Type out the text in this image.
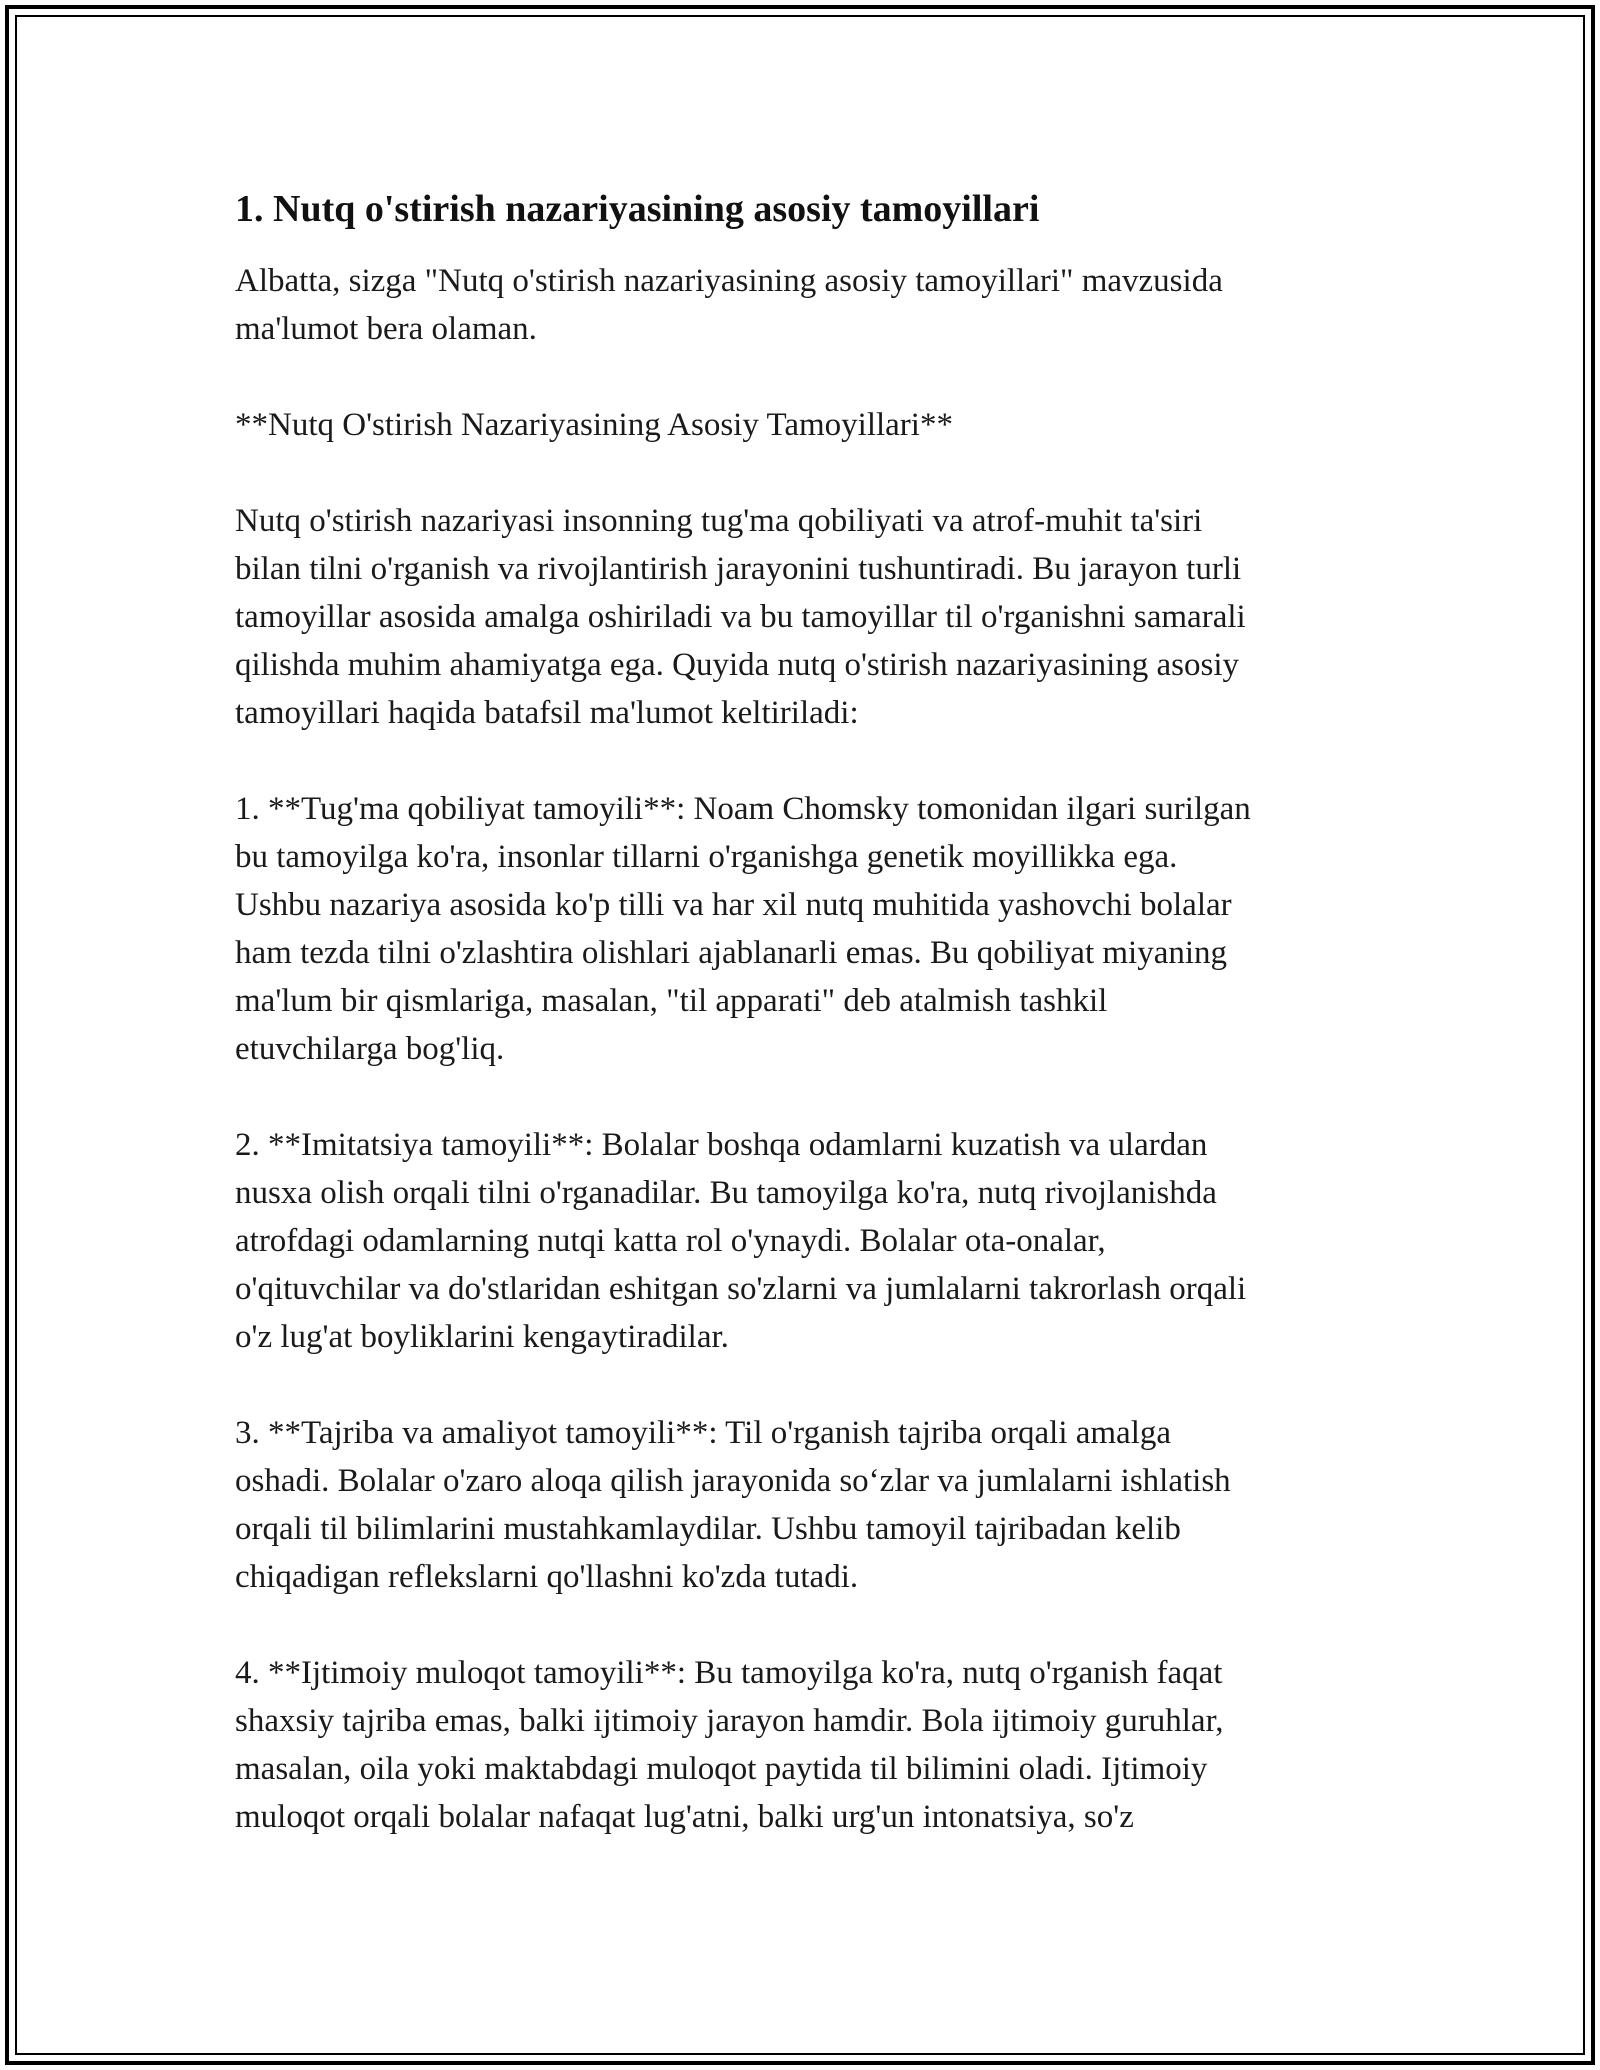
1. Nutq o'stirish nazariyasining asosiy tamoyillari

Albatta, sizga "Nutq o'stirish nazariyasining asosiy tamoyillari" mavzusida
ma'lumot bera olaman.

**Nutq O'stirish Nazariyasining Asosiy Tamoyillari**

Nutq o'stirish nazariyasi insonning tug'ma qobiliyati va atrof-muhit ta'siri
bilan tilni o'rganish va rivojlantirish jarayonini tushuntiradi. Bu jarayon turli
tamoyillar asosida amalga oshiriladi va bu tamoyillar til o'rganishni samarali
qilishda muhim ahamiyatga ega. Quyida nutq o'stirish nazariyasining asosiy
tamoyillari haqida batafsil ma'lumot keltiriladi:

1. **Tug'ma qobiliyat tamoyili**: Noam Chomsky tomonidan ilgari surilgan
bu tamoyilga ko'ra, insonlar tillarni o'rganishga genetik moyillikka ega.
Ushbu nazariya asosida ko'p tilli va har xil nutq muhitida yashovchi bolalar
ham tezda tilni o'zlashtira olishlari ajablanarli emas. Bu qobiliyat miyaning
ma'lum bir qismlariga, masalan, "til apparati" deb atalmish tashkil
etuvchilarga bog'liq.

2. **Imitatsiya tamoyili**: Bolalar boshqa odamlarni kuzatish va ulardan
nusxa olish orqali tilni o'rganadilar. Bu tamoyilga ko'ra, nutq rivojlanishda
atrofdagi odamlarning nutqi katta rol o'ynaydi. Bolalar ota-onalar,
o'qituvchilar va do'stlaridan eshitgan so'zlarni va jumlalarni takrorlash orqali
o'z lug'at boyliklarini kengaytiradilar.

3. **Tajriba va amaliyot tamoyili**: Til o'rganish tajriba orqali amalga
oshadi. Bolalar o'zaro aloqa qilish jarayonida so‘zlar va jumlalarni ishlatish
orqali til bilimlarini mustahkamlaydilar. Ushbu tamoyil tajribadan kelib
chiqadigan reflekslarni qo'llashni ko'zda tutadi.

4. **Ijtimoiy muloqot tamoyili**: Bu tamoyilga ko'ra, nutq o'rganish faqat
shaxsiy tajriba emas, balki ijtimoiy jarayon hamdir. Bola ijtimoiy guruhlar,
masalan, oila yoki maktabdagi muloqot paytida til bilimini oladi. Ijtimoiy
muloqot orqali bolalar nafaqat lug'atni, balki urg'un intonatsiya, so'z
